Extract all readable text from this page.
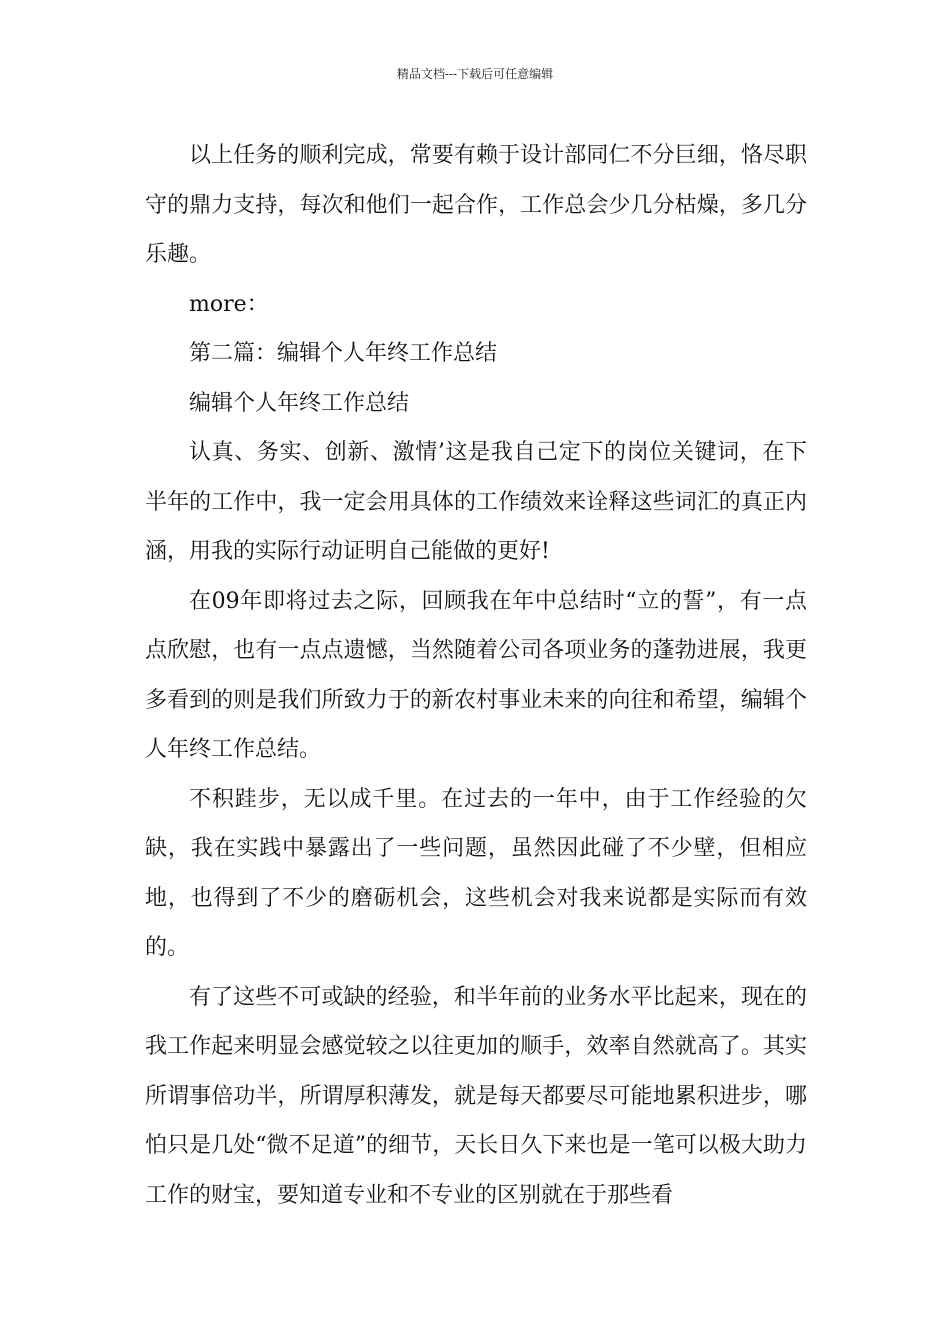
精品文档---下载后可任意编辑

以上任务的顺利完成，常要有赖于设计部同仁不分巨细，恪尽职守的鼎力支持，每次和他们一起合作，工作总会少几分枯燥，多几分乐趣。

more：

第二篇：编辑个人年终工作总结

编辑个人年终工作总结

认真、务实、创新、激情’这是我自己定下的岗位关键词，在下半年的工作中，我一定会用具体的工作绩效来诠释这些词汇的真正内涵，用我的实际行动证明自己能做的更好!

在09年即将过去之际，回顾我在年中总结时“立的誓”，有一点点欣慰，也有一点点遗憾，当然随着公司各项业务的蓬勃进展，我更多看到的则是我们所致力于的新农村事业未来的向往和希望，编辑个人年终工作总结。

不积跬步，无以成千里。在过去的一年中，由于工作经验的欠缺，我在实践中暴露出了一些问题，虽然因此碰了不少壁，但相应地，也得到了不少的磨砺机会，这些机会对我来说都是实际而有效的。

有了这些不可或缺的经验，和半年前的业务水平比起来，现在的我工作起来明显会感觉较之以往更加的顺手，效率自然就高了。其实所谓事倍功半，所谓厚积薄发，就是每天都要尽可能地累积进步，哪怕只是几处“微不足道”的细节，天长日久下来也是一笔可以极大助力工作的财宝，要知道专业和不专业的区别就在于那些看
